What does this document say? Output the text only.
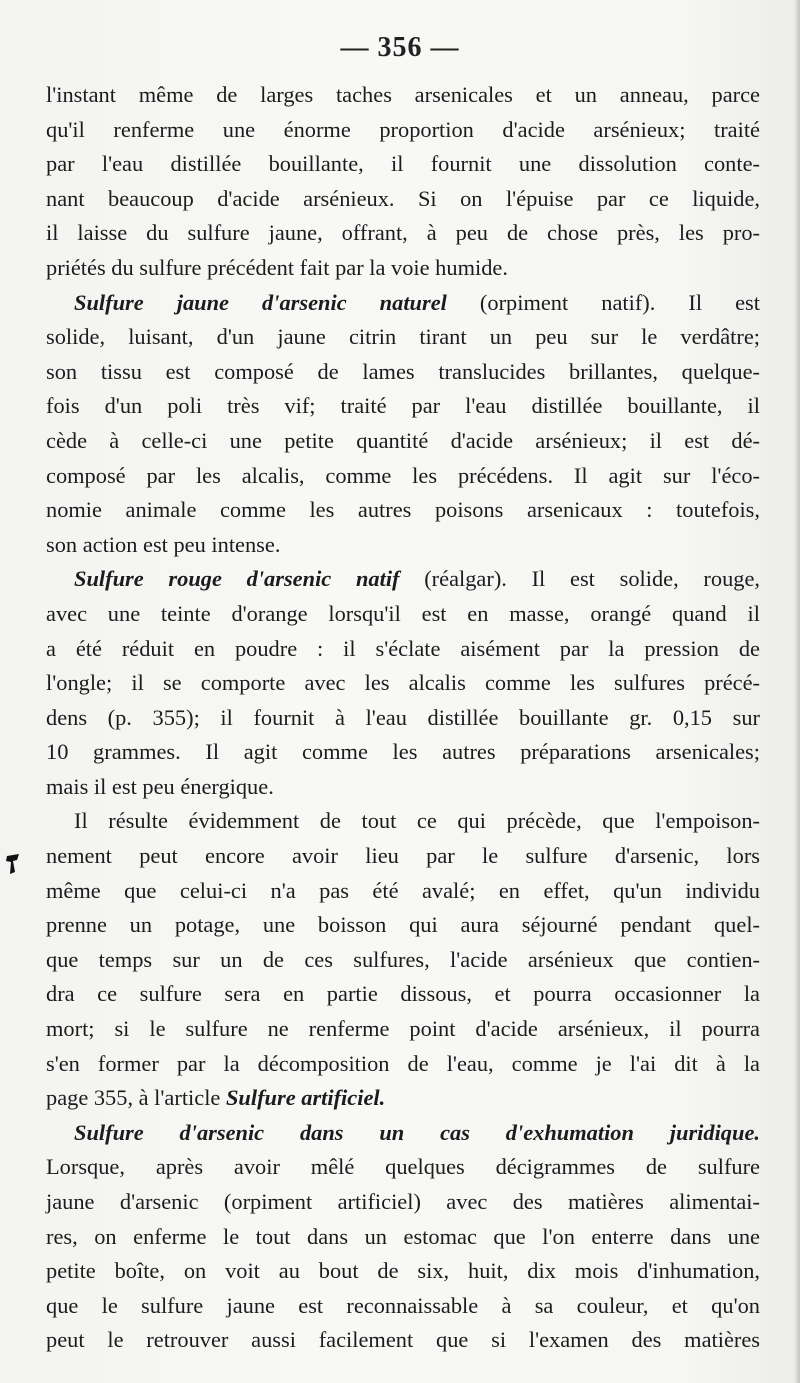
— 356 —
l'instant même de larges taches arsenicales et un anneau, parce
qu'il renferme une énorme proportion d'acide arsénieux; traité
par l'eau distillée bouillante, il fournit une dissolution conte-
nant beaucoup d'acide arsénieux. Si on l'épuise par ce liquide,
il laisse du sulfure jaune, offrant, à peu de chose près, les pro-
priétés du sulfure précédent fait par la voie humide.
Sulfure jaune d'arsenic naturel (orpiment natif). Il est
solide, luisant, d'un jaune citrin tirant un peu sur le verdâtre;
son tissu est composé de lames translucides brillantes, quelque-
fois d'un poli très vif; traité par l'eau distillée bouillante, il
cède à celle-ci une petite quantité d'acide arsénieux; il est dé-
composé par les alcalis, comme les précédens. Il agit sur l'éco-
nomie animale comme les autres poisons arsenicaux : toutefois,
son action est peu intense.
Sulfure rouge d'arsenic natif (réalgar). Il est solide, rouge,
avec une teinte d'orange lorsqu'il est en masse, orangé quand il
a été réduit en poudre : il s'éclate aisément par la pression de
l'ongle; il se comporte avec les alcalis comme les sulfures précé-
dens (p. 355); il fournit à l'eau distillée bouillante gr. 0,15 sur
10 grammes. Il agit comme les autres préparations arsenicales;
mais il est peu énergique.
Il résulte évidemment de tout ce qui précède, que l'empoison-
nement peut encore avoir lieu par le sulfure d'arsenic, lors
même que celui-ci n'a pas été avalé; en effet, qu'un individu
prenne un potage, une boisson qui aura séjourné pendant quel-
que temps sur un de ces sulfures, l'acide arsénieux que contien-
dra ce sulfure sera en partie dissous, et pourra occasionner la
mort; si le sulfure ne renferme point d'acide arsénieux, il pourra
s'en former par la décomposition de l'eau, comme je l'ai dit à la
page 355, à l'article Sulfure artificiel.
Sulfure d'arsenic dans un cas d'exhumation juridique.
Lorsque, après avoir mêlé quelques décigrammes de sulfure
jaune d'arsenic (orpiment artificiel) avec des matières alimentai-
res, on enferme le tout dans un estomac que l'on enterre dans une
petite boîte, on voit au bout de six, huit, dix mois d'inhumation,
que le sulfure jaune est reconnaissable à sa couleur, et qu'on
peut le retrouver aussi facilement que si l'examen des matières
